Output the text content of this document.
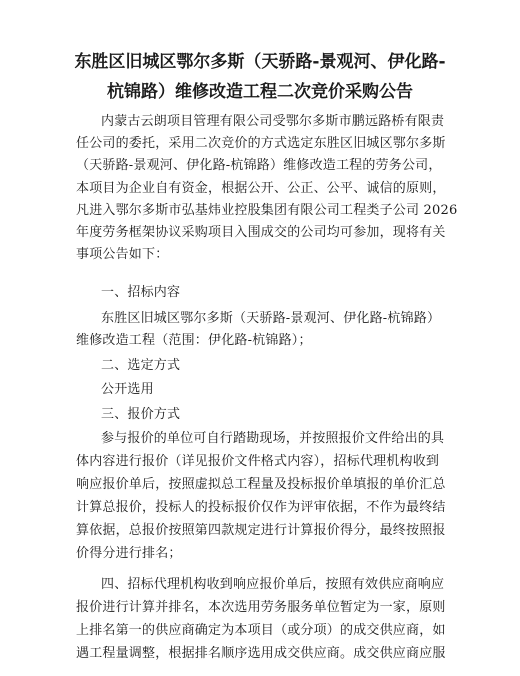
东胜区旧城区鄂尔多斯（天骄路-景观河、伊化路-
杭锦路）维修改造工程二次竞价采购公告
内蒙古云朗项目管理有限公司受鄂尔多斯市鹏远路桥有限责
任公司的委托，采用二次竞价的方式选定东胜区旧城区鄂尔多斯
（天骄路-景观河、伊化路-杭锦路）维修改造工程的劳务公司，
本项目为企业自有资金，根据公开、公正、公平、诚信的原则，
凡进入鄂尔多斯市弘基炜业控股集团有限公司工程类子公司 2026
年度劳务框架协议采购项目入围成交的公司均可参加，现将有关
事项公告如下：
一、招标内容
东胜区旧城区鄂尔多斯（天骄路-景观河、伊化路-杭锦路）
维修改造工程（范围：伊化路-杭锦路）；
二、选定方式
公开选用
三、报价方式
参与报价的单位可自行踏勘现场，并按照报价文件给出的具
体内容进行报价（详见报价文件格式内容），招标代理机构收到
响应报价单后，按照虚拟总工程量及投标报价单填报的单价汇总
计算总报价，投标人的投标报价仅作为评审依据，不作为最终结
算依据，总报价按照第四款规定进行计算报价得分，最终按照报
价得分进行排名；
四、招标代理机构收到响应报价单后，按照有效供应商响应
报价进行计算并排名，本次选用劳务服务单位暂定为一家，原则
上排名第一的供应商确定为本项目（或分项）的成交供应商，如
遇工程量调整，根据排名顺序选用成交供应商。成交供应商应服
